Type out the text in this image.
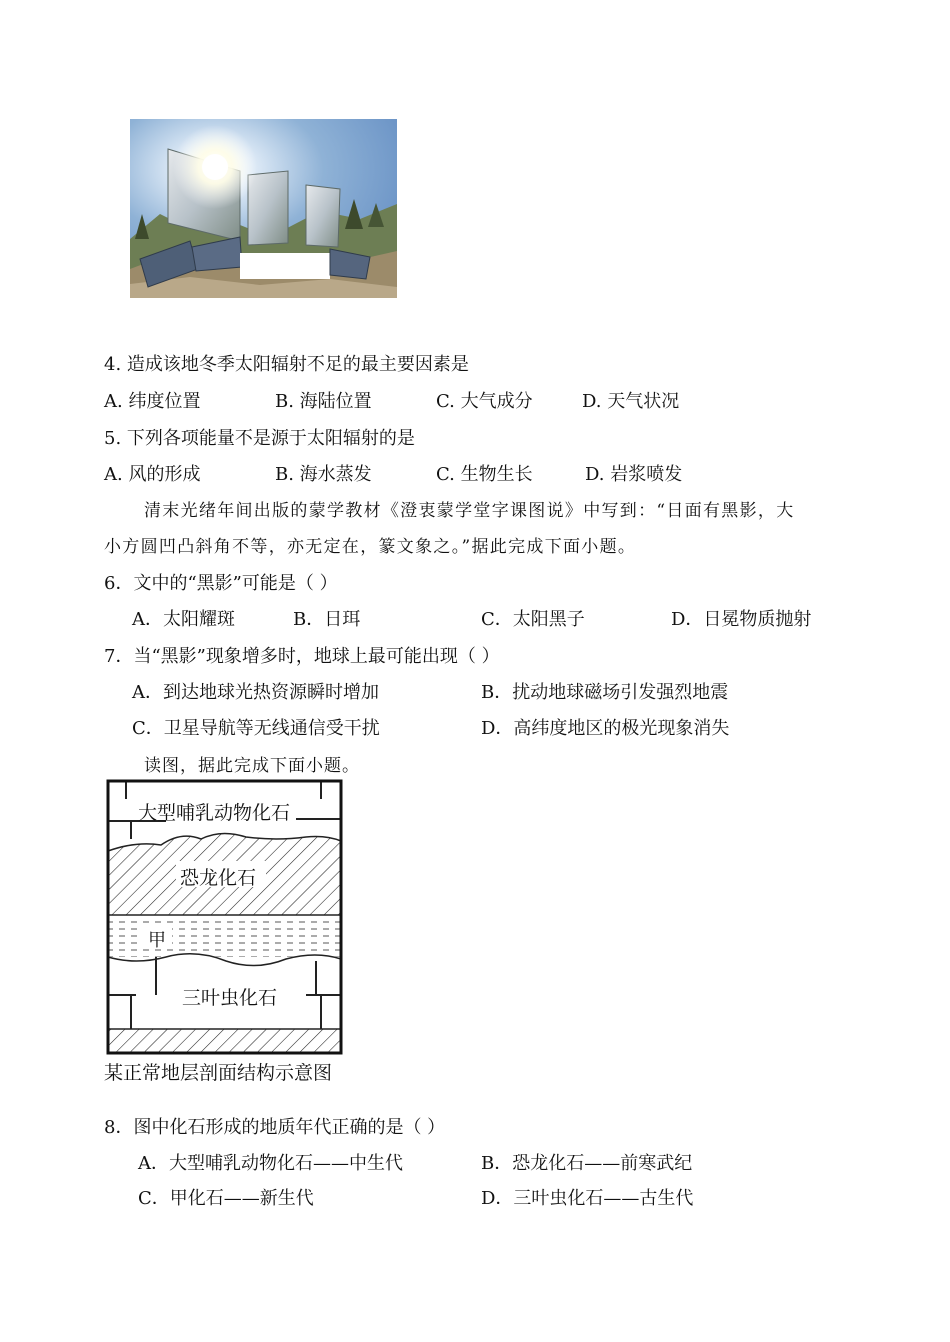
4. 造成该地冬季太阳辐射不足的最主要因素是
A. 纬度位置	B. 海陆位置	C. 大气成分	D. 天气状况
5. 下列各项能量不是源于太阳辐射的是
A. 风的形成	B. 海水蒸发	C. 生物生长	D. 岩浆喷发
清末光绪年间出版的蒙学教材《澄衷蒙学堂字课图说》中写到：“日面有黑影，大
小方圆凹凸斜角不等，亦无定在，篆文象之。”据此完成下面小题。
6．文中的“黑影”可能是（ ）
A．太阳耀斑	B．日珥	C．太阳黑子	D．日冕物质抛射
7．当“黑影”现象增多时，地球上最可能出现（ ）
A．到达地球光热资源瞬时增加	B．扰动地球磁场引发强烈地震
C．卫星导航等无线通信受干扰	D．高纬度地区的极光现象消失
读图，据此完成下面小题。
大型哺乳动物化石
恐龙化石
甲
三叶虫化石
某正常地层剖面结构示意图
8．图中化石形成的地质年代正确的是（ ）
A．大型哺乳动物化石——中生代	B．恐龙化石——前寒武纪
C．甲化石——新生代	D．三叶虫化石——古生代
